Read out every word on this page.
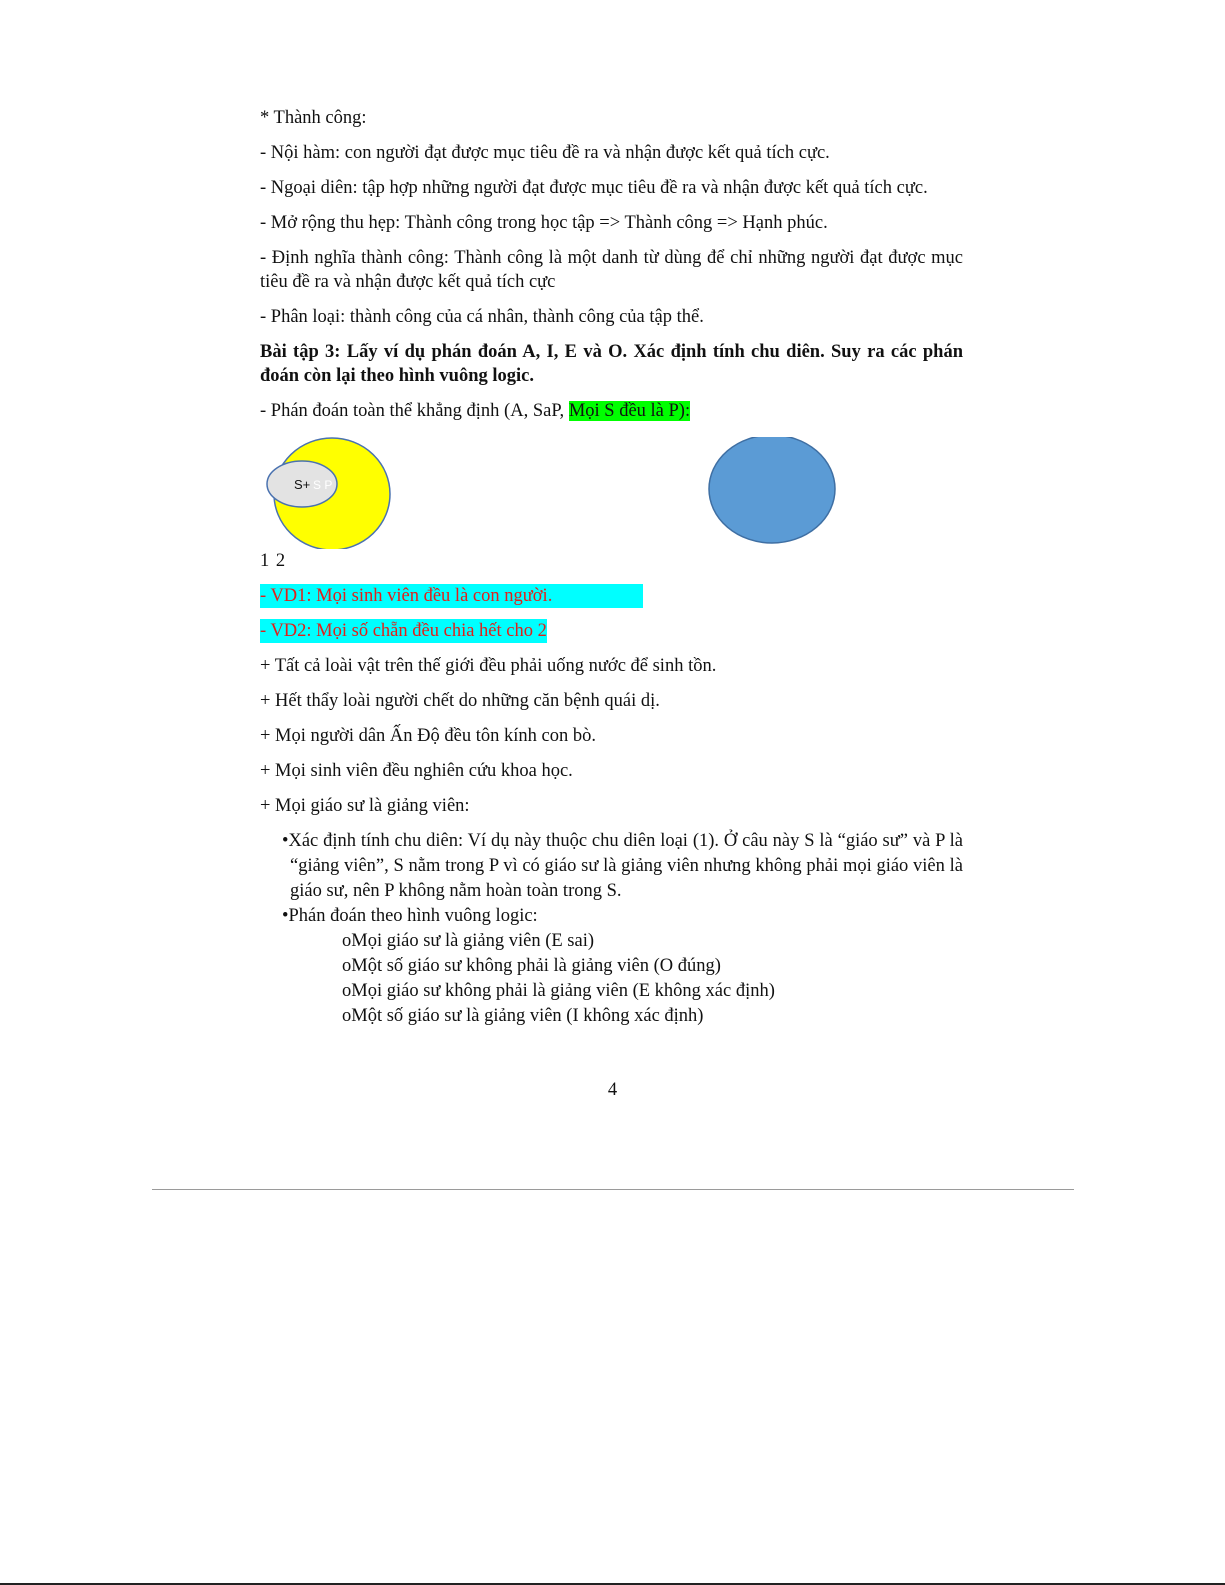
* Thành công:

- Nội hàm: con người đạt được mục tiêu đề ra và nhận được kết quả tích cực.

- Ngoại diên: tập hợp những người đạt được mục tiêu đề ra và nhận được kết quả tích cực.

- Mở rộng thu hẹp: Thành công trong học tập => Thành công => Hạnh phúc.

- Định nghĩa thành công: Thành công là một danh từ dùng để chỉ những người đạt được mục tiêu đề ra và nhận được kết quả tích cực

- Phân loại: thành công của cá nhân, thành công của tập thể.

Bài tập 3: Lấy ví dụ phán đoán A, I, E và O. Xác định tính chu diên. Suy ra các phán đoán còn lại theo hình vuông logic.

- Phán đoán toàn thể khẳng định (A, SaP, Mọi S đều là P):

S+ S P

1 2

- VD1: Mọi sinh viên đều là con người.

- VD2: Mọi số chẵn đều chia hết cho 2

+ Tất cả loài vật trên thế giới đều phải uống nước để sinh tồn.

+ Hết thẩy loài người chết do những căn bệnh quái dị.

+ Mọi người dân Ấn Độ đều tôn kính con bò.

+ Mọi sinh viên đều nghiên cứu khoa học.

+ Mọi giáo sư là giảng viên:

•Xác định tính chu diên: Ví dụ này thuộc chu diên loại (1). Ở câu này S là “giáo sư” và P là “giảng viên”, S nằm trong P vì có giáo sư là giảng viên nhưng không phải mọi giáo viên là giáo sư, nên P không nằm hoàn toàn trong S.

•Phán đoán theo hình vuông logic:

oMọi giáo sư là giảng viên (E sai)

oMột số giáo sư không phải là giảng viên (O đúng)

oMọi giáo sư không phải là giảng viên (E không xác định)

oMột số giáo sư là giảng viên (I không xác định)

4
